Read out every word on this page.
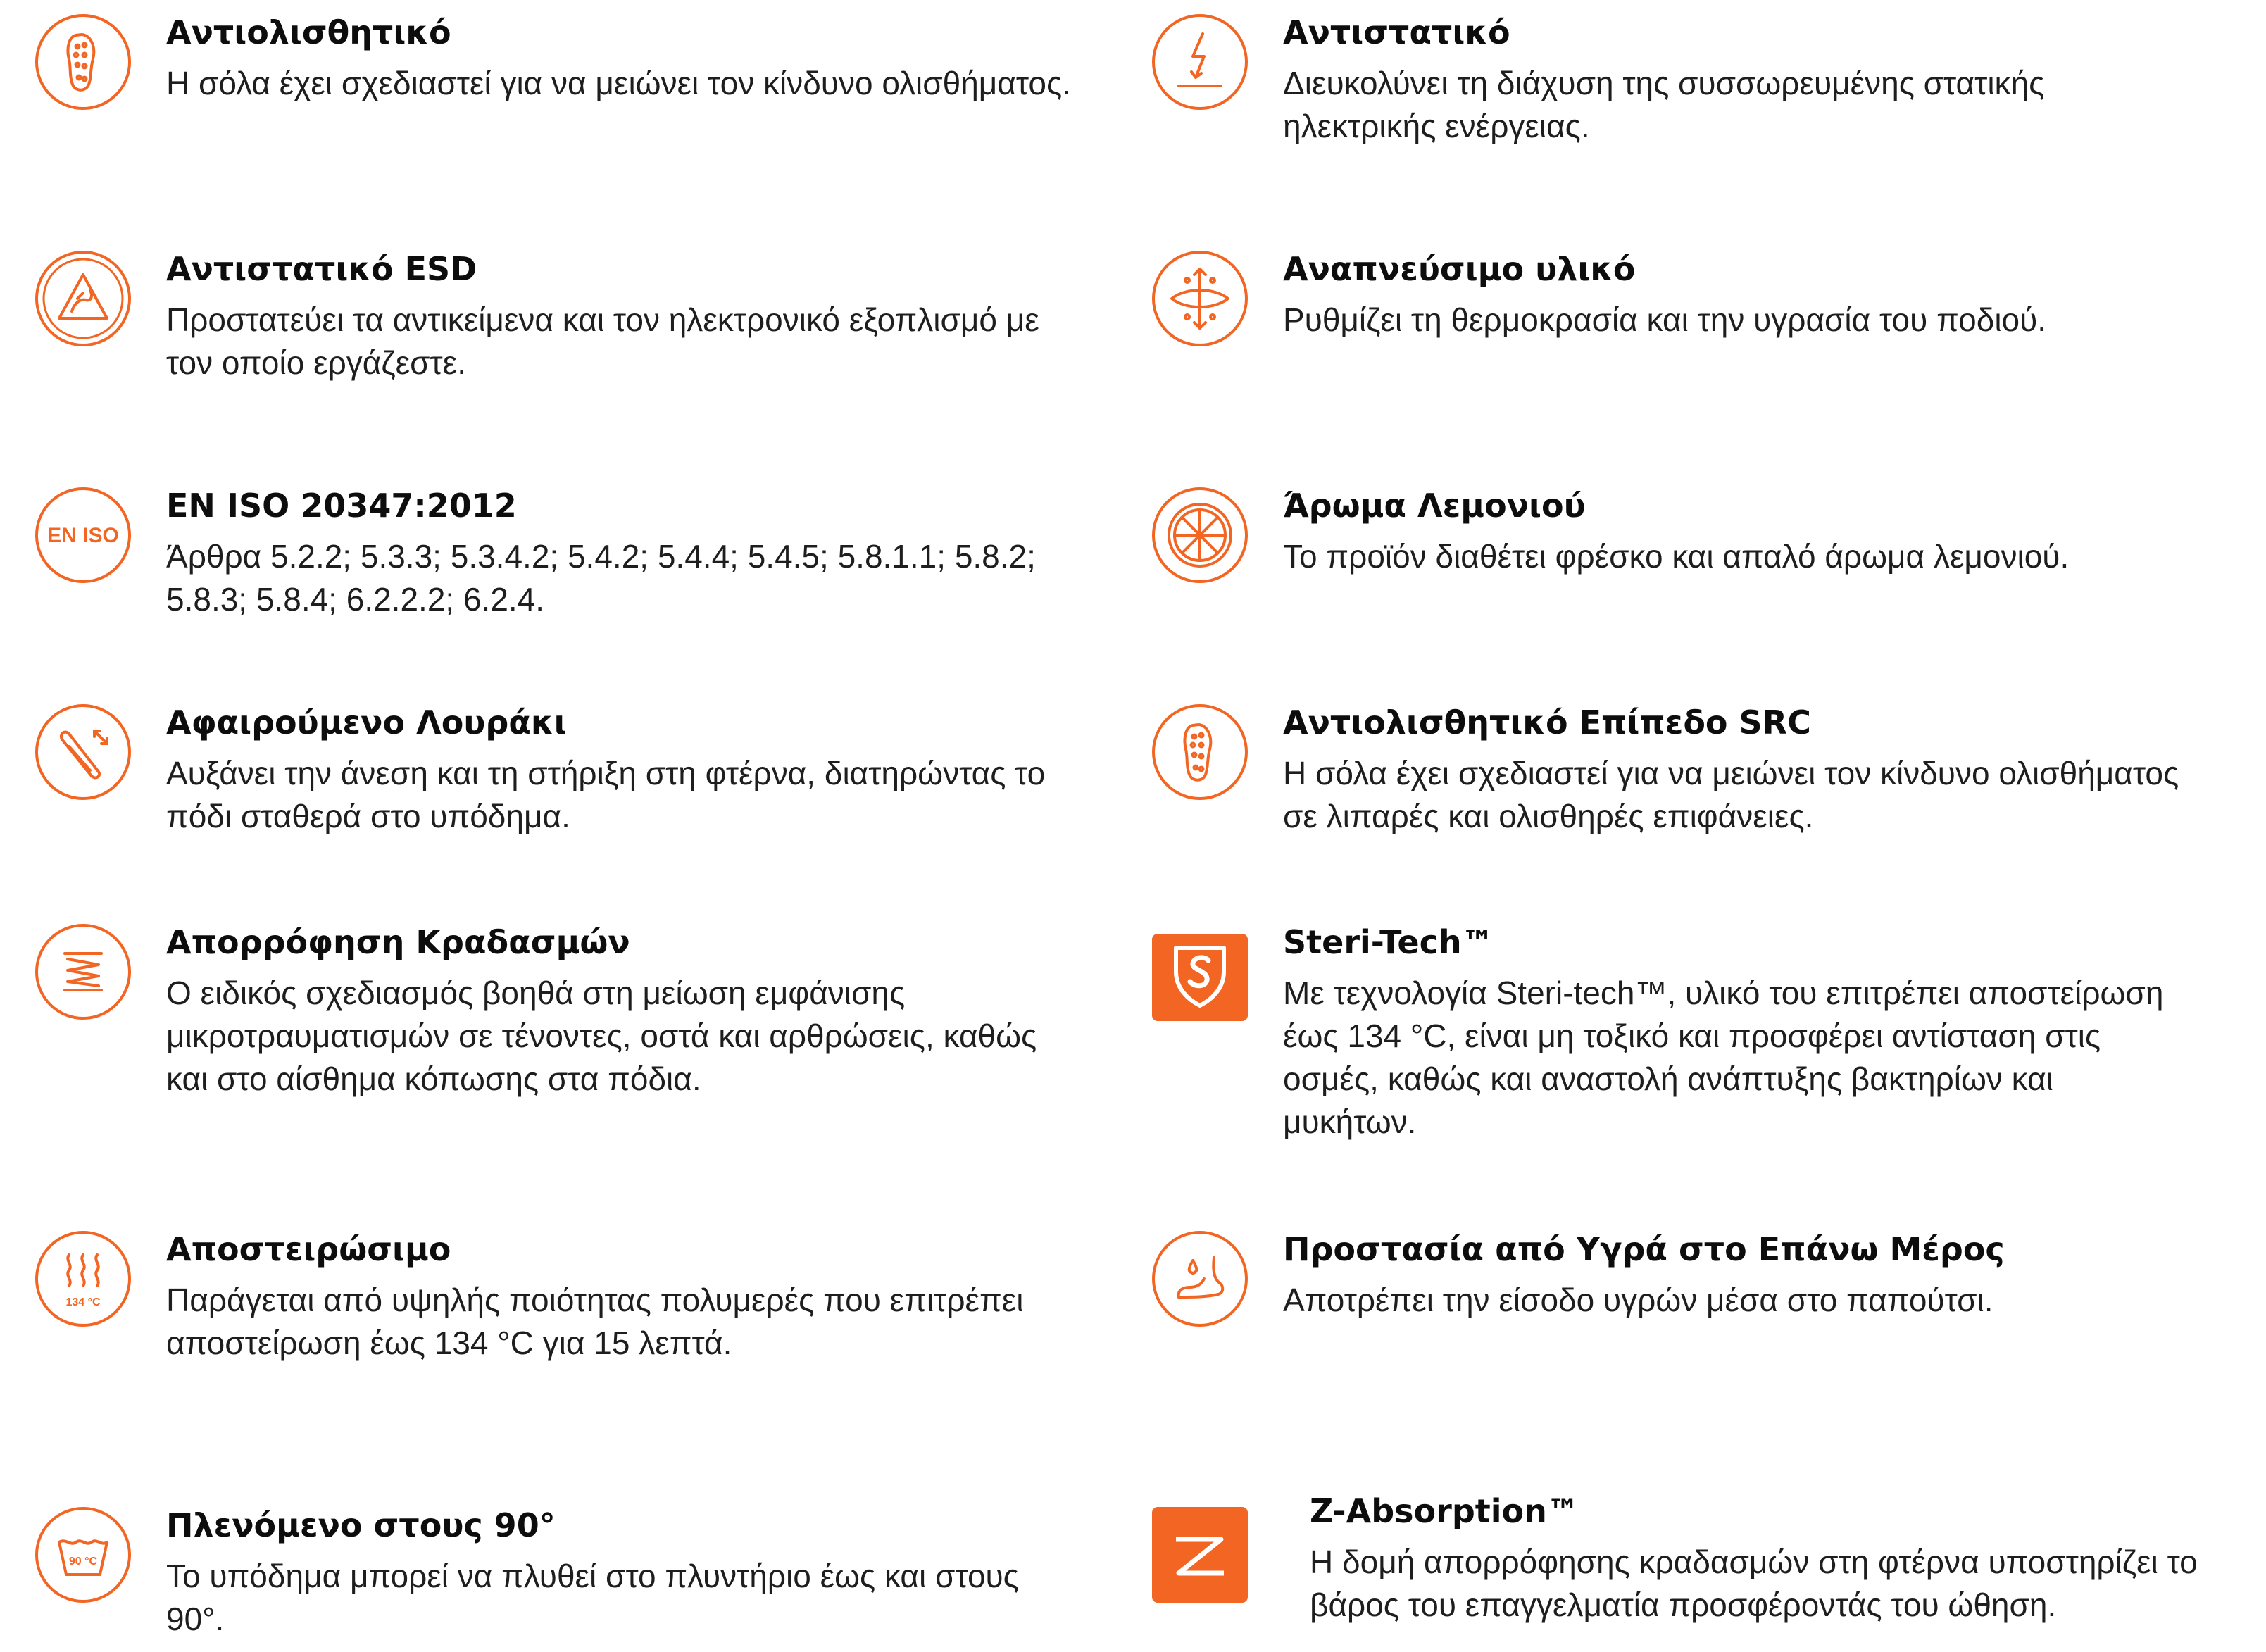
Αντιολισθητικό

Η σόλα έχει σχεδιαστεί για να μειώνει τον κίνδυνο ολισθήματος.

Αντιστατικό

Διευκολύνει τη διάχυση της συσσωρευμένης στατικής ηλεκτρικής ενέργειας.

Αντιστατικό ESD

Προστατεύει τα αντικείμενα και τον ηλεκτρονικό εξοπλισμό με τον οποίο εργάζεστε.

Αναπνεύσιμο υλικό

Ρυθμίζει τη θερμοκρασία και την υγρασία του ποδιού.

EN ISO

EN ISO 20347:2012

Άρθρα 5.2.2; 5.3.3; 5.3.4.2; 5.4.2; 5.4.4; 5.4.5; 5.8.1.1; 5.8.2; 5.8.3; 5.8.4; 6.2.2.2; 6.2.4.

Άρωμα Λεμονιού

Το προϊόν διαθέτει φρέσκο και απαλό άρωμα λεμονιού.

Αφαιρούμενο Λουράκι

Αυξάνει την άνεση και τη στήριξη στη φτέρνα, διατηρώντας το πόδι σταθερά στο υπόδημα.

Αντιολισθητικό Επίπεδο SRC

Η σόλα έχει σχεδιαστεί για να μειώνει τον κίνδυνο ολισθήματος σε λιπαρές και ολισθηρές επιφάνειες.

Απορρόφηση Κραδασμών

Ο ειδικός σχεδιασμός βοηθά στη μείωση εμφάνισης μικροτραυματισμών σε τένοντες, οστά και αρθρώσεις, καθώς και στο αίσθημα κόπωσης στα πόδια.

Steri-Tech™

Με τεχνολογία Steri-tech™, υλικό του επιτρέπει αποστείρωση έως 134 °C, είναι μη τοξικό και προσφέρει αντίσταση στις οσμές, καθώς και αναστολή ανάπτυξης βακτηρίων και μυκήτων.

134 °C

Αποστειρώσιμο

Παράγεται από υψηλής ποιότητας πολυμερές που επιτρέπει αποστείρωση έως 134 °C για 15 λεπτά.

Προστασία από Υγρά στο Επάνω Μέρος

Αποτρέπει την είσοδο υγρών μέσα στο παπούτσι.

90 °C

Πλενόμενο στους 90°

Το υπόδημα μπορεί να πλυθεί στο πλυντήριο έως και στους 90°.

Z-Absorption™

Η δομή απορρόφησης κραδασμών στη φτέρνα υποστηρίζει το βάρος του επαγγελματία προσφέροντάς του ώθηση.
